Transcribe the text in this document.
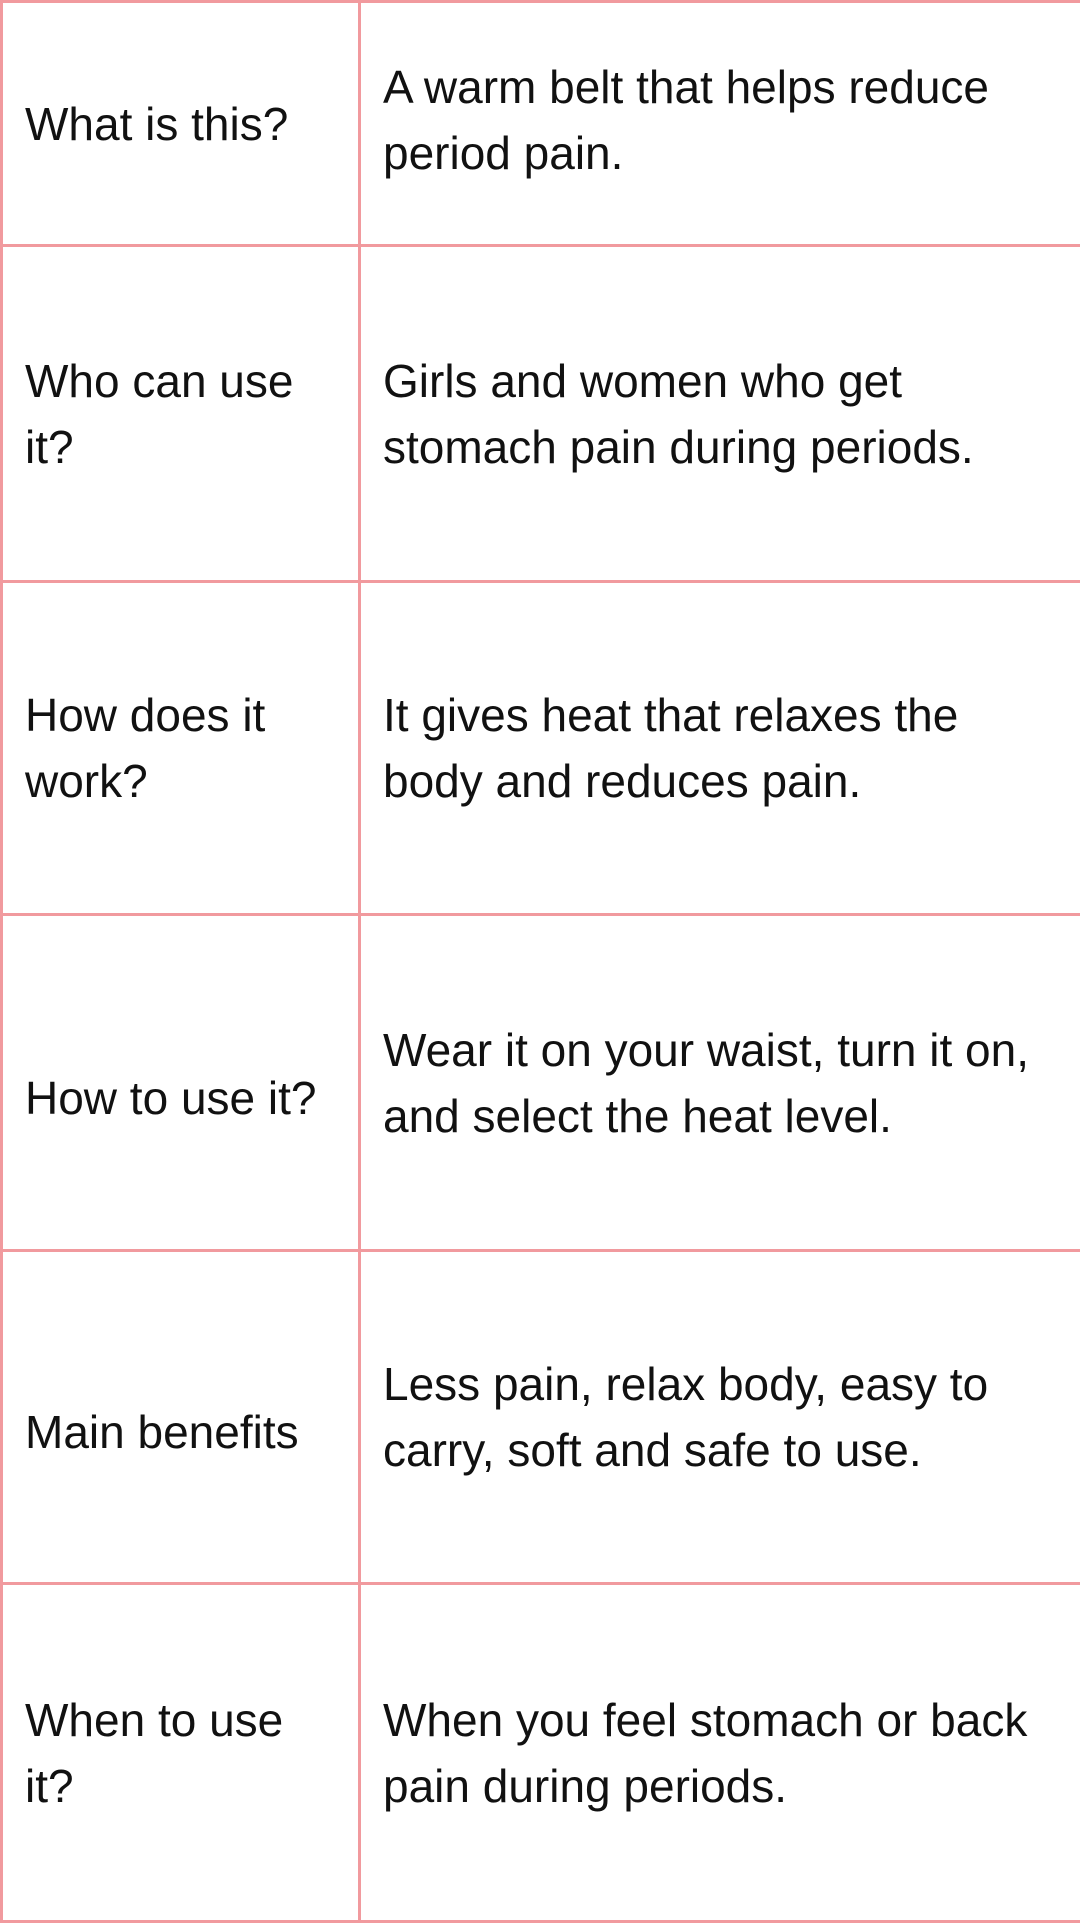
What is this?	A warm belt that helps reduce period pain.

Who can use it?	Girls and women who get stomach pain during periods.

How does it work?	It gives heat that relaxes the body and reduces pain.

How to use it?	Wear it on your waist, turn it on, and select the heat level.

Main benefits	Less pain, relax body, easy to carry, soft and safe to use.

When to use it?	When you feel stomach or back pain during periods.
